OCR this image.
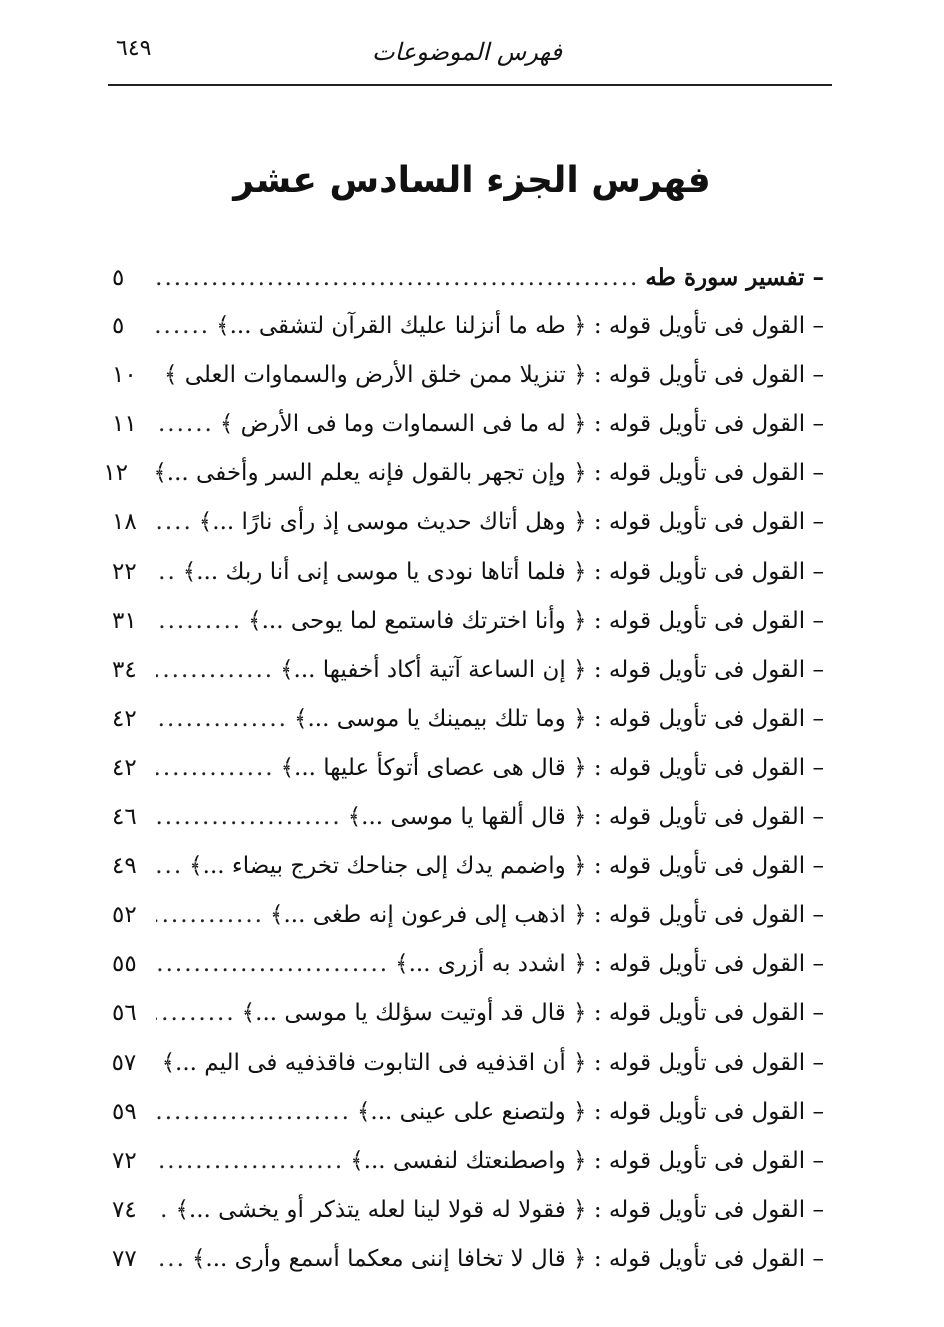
فهرس الموضوعات
٦٤٩
فهرس الجزء السادس عشر
– تفسير سورة طه
.....
٥
– القول فى تأويل قوله : ﴿ طه ما أنزلنا عليك القرآن لتشقى ...﴾
.....
٥
– القول فى تأويل قوله : ﴿ تنزيلا ممن خلق الأرض والسماوات العلى ﴾
.....
١٠
– القول فى تأويل قوله : ﴿ له ما فى السماوات وما فى الأرض ﴾
.....
١١
– القول فى تأويل قوله : ﴿ وإن تجهر بالقول فإنه يعلم السر وأخفى ...﴾
١٢
– القول فى تأويل قوله : ﴿ وهل أتاك حديث موسى إذ رأى نارًا ...﴾
.....
١٨
– القول فى تأويل قوله : ﴿ فلما أتاها نودى يا موسى إنى أنا ربك ...﴾
.....
٢٢
– القول فى تأويل قوله : ﴿ وأنا اخترتك فاستمع لما يوحى ...﴾
.....
٣١
– القول فى تأويل قوله : ﴿ إن الساعة آتية أكاد أخفيها ...﴾
.....
٣٤
– القول فى تأويل قوله : ﴿ وما تلك بيمينك يا موسى ...﴾
.....
٤٢
– القول فى تأويل قوله : ﴿ قال هى عصاى أتوكأ عليها ...﴾
.....
٤٢
– القول فى تأويل قوله : ﴿ قال ألقها يا موسى ...﴾
.....
٤٦
– القول فى تأويل قوله : ﴿ واضمم يدك إلى جناحك تخرج بيضاء ...﴾
.....
٤٩
– القول فى تأويل قوله : ﴿ اذهب إلى فرعون إنه طغى ...﴾
.....
٥٢
– القول فى تأويل قوله : ﴿ اشدد به أزرى ...﴾
.....
٥٥
– القول فى تأويل قوله : ﴿ قال قد أوتيت سؤلك يا موسى ...﴾
.....
٥٦
– القول فى تأويل قوله : ﴿ أن اقذفيه فى التابوت فاقذفيه فى اليم ...﴾
٥٧
– القول فى تأويل قوله : ﴿ ولتصنع على عينى ...﴾
.....
٥٩
– القول فى تأويل قوله : ﴿ واصطنعتك لنفسى ...﴾
.....
٧٢
– القول فى تأويل قوله : ﴿ فقولا له قولا لينا لعله يتذكر أو يخشى ...﴾
.....
٧٤
– القول فى تأويل قوله : ﴿ قال لا تخافا إننى معكما أسمع وأرى ...﴾
.....
٧٧
